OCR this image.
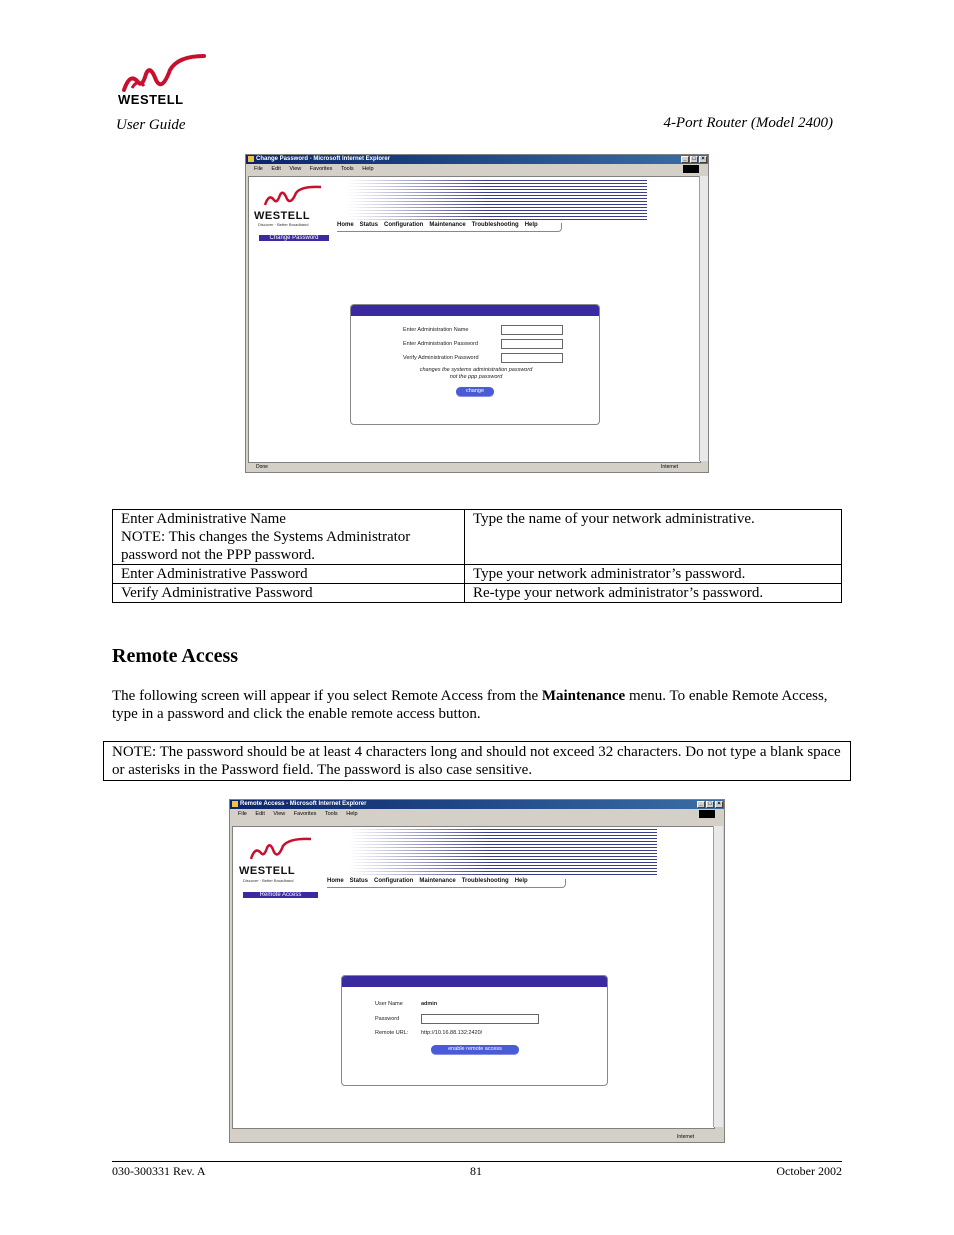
WESTELL
User Guide	4-Port Router (Model 2400)
Change Password - Microsoft Internet Explorer	_ □ ×
File Edit View Favorites Tools Help
WESTELL
Discover · Better Broadband	Home Status Configuration Maintenance Troubleshooting Help
Change Password
Enter Administration Name
Enter Administration Password
Verify Administration Password
changes the systems administration password
not the ppp password
change
Done	Internet
Enter Administrative Name
NOTE: This changes the Systems Administrator
password not the PPP password.	Type the name of your network administrative.
Enter Administrative Password	Type your network administrator’s password.
Verify Administrative Password	Re-type your network administrator’s password.
Remote Access
The following screen will appear if you select Remote Access from the Maintenance menu. To enable Remote Access, type in a password and click the enable remote access button.
NOTE: The password should be at least 4 characters long and should not exceed 32 characters. Do not type a blank space or asterisks in the Password field. The password is also case sensitive.
Remote Access - Microsoft Internet Explorer	_ □ ×
File Edit View Favorites Tools Help
WESTELL
Discover · Better Broadband	Home Status Configuration Maintenance Troubleshooting Help
Remote Access
User Name	admin
Password
Remote URL: http://10.16.88.132:2420/
enable remote access
Internet
030-300331 Rev. A	81	October 2002
